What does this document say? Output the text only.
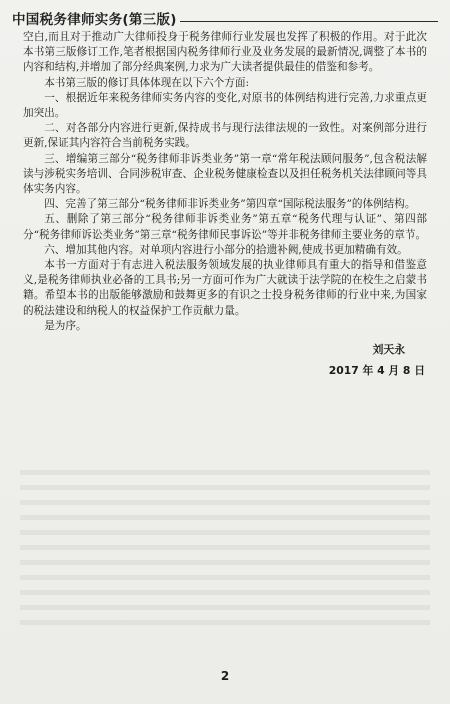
中国税务律师实务(第三版)

空白,而且对于推动广大律师投身于税务律师行业发展也发挥了积极的作用。对于此次本书第三版修订工作,笔者根据国内税务律师行业及业务发展的最新情况,调整了本书的内容和结构,并增加了部分经典案例,力求为广大读者提供最佳的借鉴和参考。

本书第三版的修订具体体现在以下六个方面:

一、根据近年来税务律师实务内容的变化,对原书的体例结构进行完善,力求重点更加突出。

二、对各部分内容进行更新,保持成书与现行法律法规的一致性。对案例部分进行更新,保证其内容符合当前税务实践。

三、增编第三部分“税务律师非诉类业务”第一章“常年税法顾问服务”,包含税法解读与涉税实务培训、合同涉税审查、企业税务健康检查以及担任税务机关法律顾问等具体实务内容。

四、完善了第三部分“税务律师非诉类业务”第四章“国际税法服务”的体例结构。

五、删除了第三部分“税务律师非诉类业务”第五章“税务代理与认证”、第四部分“税务律师诉讼类业务”第三章“税务律师民事诉讼”等并非税务律师主要业务的章节。

六、增加其他内容。对单项内容进行小部分的拾遗补阙,使成书更加精确有效。

本书一方面对于有志进入税法服务领域发展的执业律师具有重大的指导和借鉴意义,是税务律师执业必备的工具书;另一方面可作为广大就读于法学院的在校生之启蒙书籍。希望本书的出版能够激励和鼓舞更多的有识之士投身税务律师的行业中来,为国家的税法建设和纳税人的权益保护工作贡献力量。

是为序。

刘天永

2017 年 4 月 8 日

2
